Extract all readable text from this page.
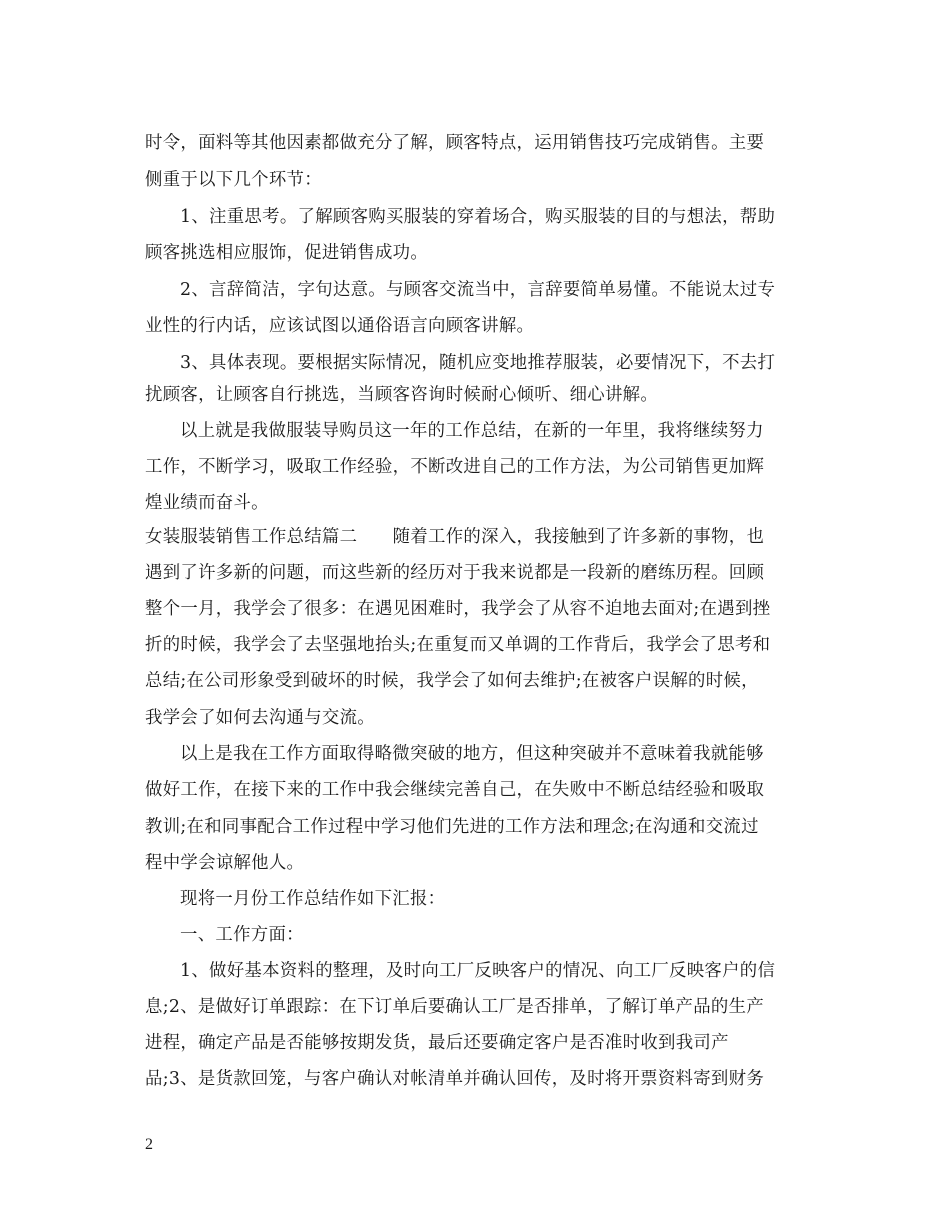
时令，面料等其他因素都做充分了解，顾客特点，运用销售技巧完成销售。主要
侧重于以下几个环节：
1、注重思考。了解顾客购买服装的穿着场合，购买服装的目的与想法，帮助
顾客挑选相应服饰，促进销售成功。
2、言辞简洁，字句达意。与顾客交流当中，言辞要简单易懂。不能说太过专
业性的行内话，应该试图以通俗语言向顾客讲解。
3、具体表现。要根据实际情况，随机应变地推荐服装，必要情况下，不去打
扰顾客，让顾客自行挑选，当顾客咨询时候耐心倾听、细心讲解。
以上就是我做服装导购员这一年的工作总结，在新的一年里，我将继续努力
工作，不断学习，吸取工作经验，不断改进自己的工作方法，为公司销售更加辉
煌业绩而奋斗。
女装服装销售工作总结篇二　　随着工作的深入，我接触到了许多新的事物，也
遇到了许多新的问题，而这些新的经历对于我来说都是一段新的磨练历程。回顾
整个一月，我学会了很多：在遇见困难时，我学会了从容不迫地去面对;在遇到挫
折的时候，我学会了去坚强地抬头;在重复而又单调的工作背后，我学会了思考和
总结;在公司形象受到破坏的时候，我学会了如何去维护;在被客户误解的时候，
我学会了如何去沟通与交流。
以上是我在工作方面取得略微突破的地方，但这种突破并不意味着我就能够
做好工作，在接下来的工作中我会继续完善自己，在失败中不断总结经验和吸取
教训;在和同事配合工作过程中学习他们先进的工作方法和理念;在沟通和交流过
程中学会谅解他人。
现将一月份工作总结作如下汇报：
一、工作方面：
1、做好基本资料的整理，及时向工厂反映客户的情况、向工厂反映客户的信
息;2、是做好订单跟踪：在下订单后要确认工厂是否排单，了解订单产品的生产
进程，确定产品是否能够按期发货，最后还要确定客户是否准时收到我司产
品;3、是货款回笼，与客户确认对帐清单并确认回传，及时将开票资料寄到财务
2
